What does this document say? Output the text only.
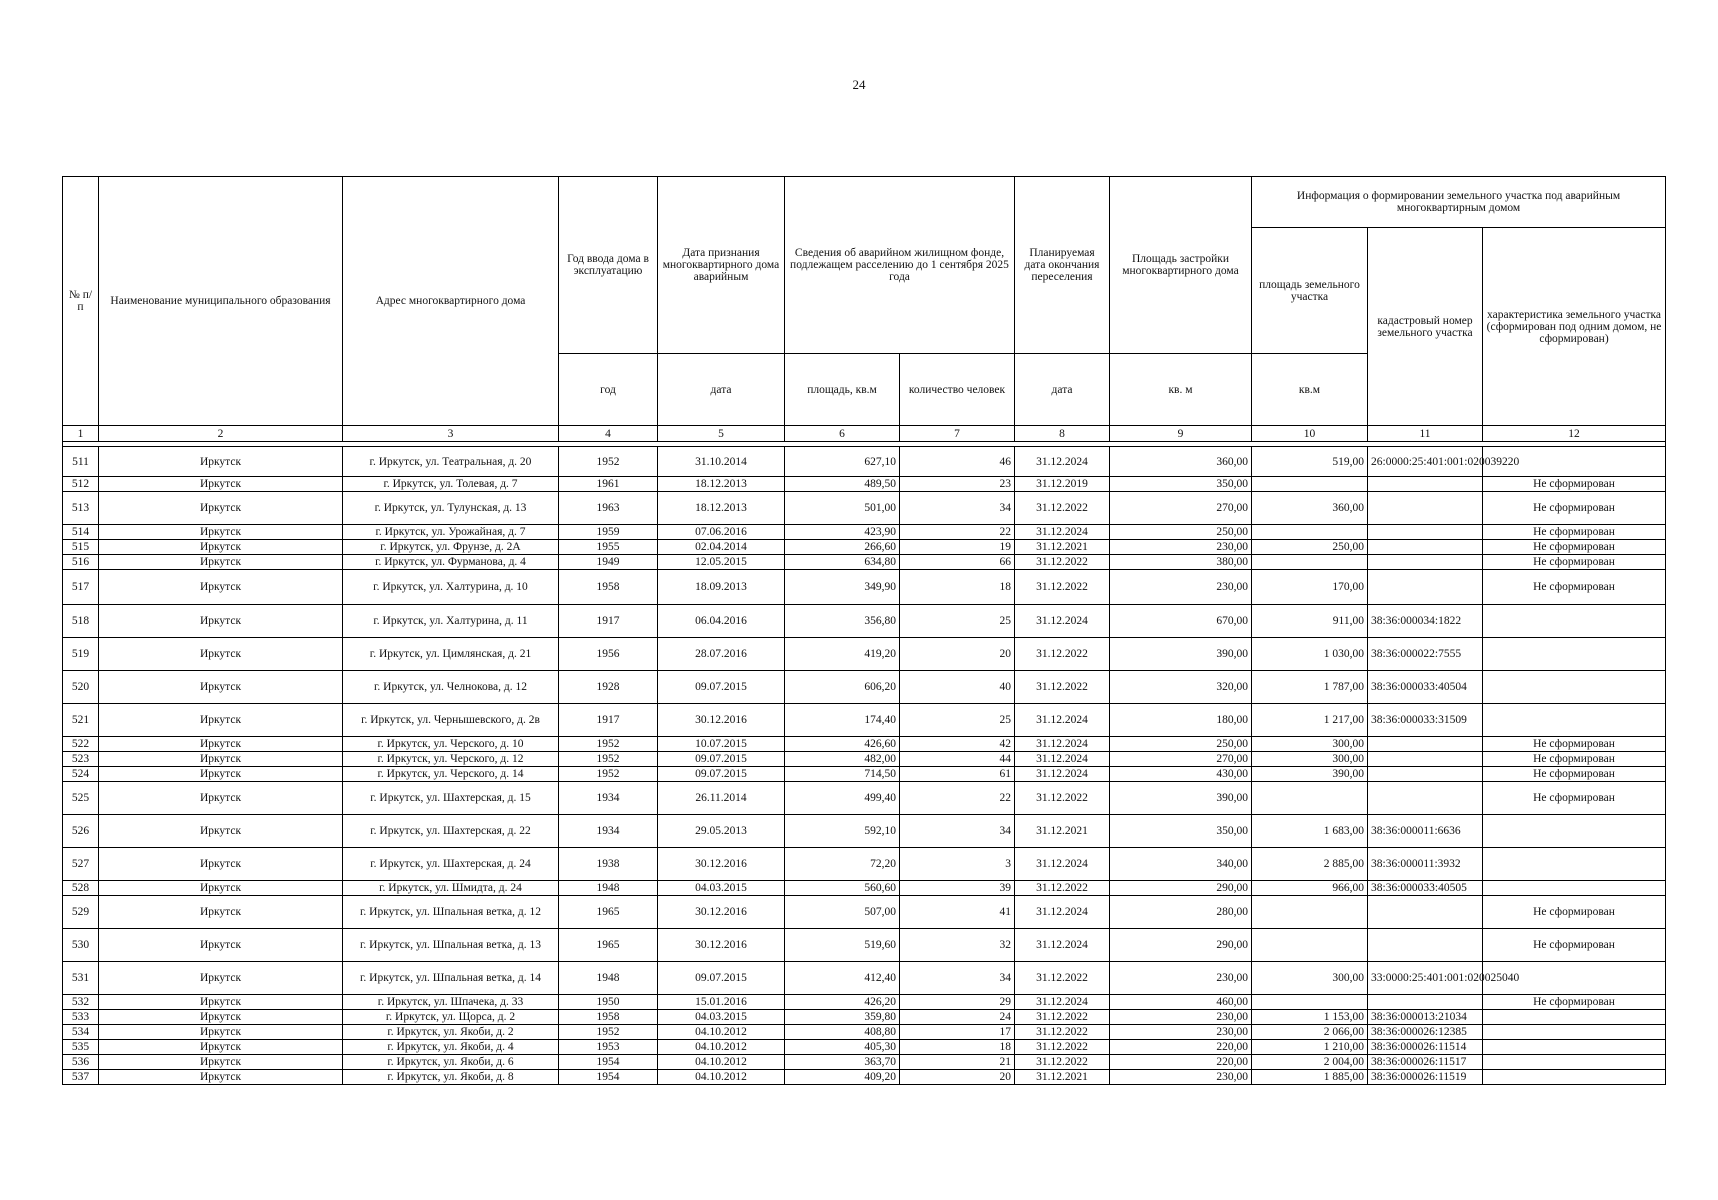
24
№ п/п	Наименование муниципального образования	Адрес многоквартирного дома	Год ввода дома в эксплуатацию	Дата признания многоквартирного дома аварийным	Сведения об аварийном жилищном фонде, подлежащем расселению до 1 сентября 2025 года		Планируемая дата окончания переселения	Площадь застройки многоквартирного дома	Информация о формировании земельного участка под аварийным многоквартирным домом		
									площадь земельного участка	кадастровый номер земельного участка	характеристика земельного участка (сформирован под одним домом, не сформирован)
			год	дата	площадь, кв.м	количество человек	дата	кв. м	кв.м		
1	2	3	4	5	6	7	8	9	10	11	12

511	Иркутск	г. Иркутск, ул. Театральная, д. 20	1952	31.10.2014	627,10	46	31.12.2024	360,00	519,00	26:0000:25:401:001:020039220	
512	Иркутск	г. Иркутск, ул. Толевая, д. 7	1961	18.12.2013	489,50	23	31.12.2019	350,00			Не сформирован
513	Иркутск	г. Иркутск, ул. Тулунская, д. 13	1963	18.12.2013	501,00	34	31.12.2022	270,00	360,00		Не сформирован
514	Иркутск	г. Иркутск, ул. Урожайная, д. 7	1959	07.06.2016	423,90	22	31.12.2024	250,00			Не сформирован
515	Иркутск	г. Иркутск, ул. Фрунзе, д. 2А	1955	02.04.2014	266,60	19	31.12.2021	230,00	250,00		Не сформирован
516	Иркутск	г. Иркутск, ул. Фурманова, д. 4	1949	12.05.2015	634,80	66	31.12.2022	380,00			Не сформирован
517	Иркутск	г. Иркутск, ул. Халтурина, д. 10	1958	18.09.2013	349,90	18	31.12.2022	230,00	170,00		Не сформирован
518	Иркутск	г. Иркутск, ул. Халтурина, д. 11	1917	06.04.2016	356,80	25	31.12.2024	670,00	911,00	38:36:000034:1822	
519	Иркутск	г. Иркутск, ул. Цимлянская, д. 21	1956	28.07.2016	419,20	20	31.12.2022	390,00	1 030,00	38:36:000022:7555	
520	Иркутск	г. Иркутск, ул. Челнокова, д. 12	1928	09.07.2015	606,20	40	31.12.2022	320,00	1 787,00	38:36:000033:40504	
521	Иркутск	г. Иркутск, ул. Чернышевского, д. 2в	1917	30.12.2016	174,40	25	31.12.2024	180,00	1 217,00	38:36:000033:31509	
522	Иркутск	г. Иркутск, ул. Черского, д. 10	1952	10.07.2015	426,60	42	31.12.2024	250,00	300,00		Не сформирован
523	Иркутск	г. Иркутск, ул. Черского, д. 12	1952	09.07.2015	482,00	44	31.12.2024	270,00	300,00		Не сформирован
524	Иркутск	г. Иркутск, ул. Черского, д. 14	1952	09.07.2015	714,50	61	31.12.2024	430,00	390,00		Не сформирован
525	Иркутск	г. Иркутск, ул. Шахтерская, д. 15	1934	26.11.2014	499,40	22	31.12.2022	390,00			Не сформирован
526	Иркутск	г. Иркутск, ул. Шахтерская, д. 22	1934	29.05.2013	592,10	34	31.12.2021	350,00	1 683,00	38:36:000011:6636	
527	Иркутск	г. Иркутск, ул. Шахтерская, д. 24	1938	30.12.2016	72,20	3	31.12.2024	340,00	2 885,00	38:36:000011:3932	
528	Иркутск	г. Иркутск, ул. Шмидта, д. 24	1948	04.03.2015	560,60	39	31.12.2022	290,00	966,00	38:36:000033:40505	
529	Иркутск	г. Иркутск, ул. Шпальная ветка, д. 12	1965	30.12.2016	507,00	41	31.12.2024	280,00			Не сформирован
530	Иркутск	г. Иркутск, ул. Шпальная ветка, д. 13	1965	30.12.2016	519,60	32	31.12.2024	290,00			Не сформирован
531	Иркутск	г. Иркутск, ул. Шпальная ветка, д. 14	1948	09.07.2015	412,40	34	31.12.2022	230,00	300,00	33:0000:25:401:001:020025040	
532	Иркутск	г. Иркутск, ул. Шпачека, д. 33	1950	15.01.2016	426,20	29	31.12.2024	460,00			Не сформирован
533	Иркутск	г. Иркутск, ул. Щорса, д. 2	1958	04.03.2015	359,80	24	31.12.2022	230,00	1 153,00	38:36:000013:21034	
534	Иркутск	г. Иркутск, ул. Якоби, д. 2	1952	04.10.2012	408,80	17	31.12.2022	230,00	2 066,00	38:36:000026:12385	
535	Иркутск	г. Иркутск, ул. Якоби, д. 4	1953	04.10.2012	405,30	18	31.12.2022	220,00	1 210,00	38:36:000026:11514	
536	Иркутск	г. Иркутск, ул. Якоби, д. 6	1954	04.10.2012	363,70	21	31.12.2022	220,00	2 004,00	38:36:000026:11517	
537	Иркутск	г. Иркутск, ул. Якоби, д. 8	1954	04.10.2012	409,20	20	31.12.2021	230,00	1 885,00	38:36:000026:11519	
